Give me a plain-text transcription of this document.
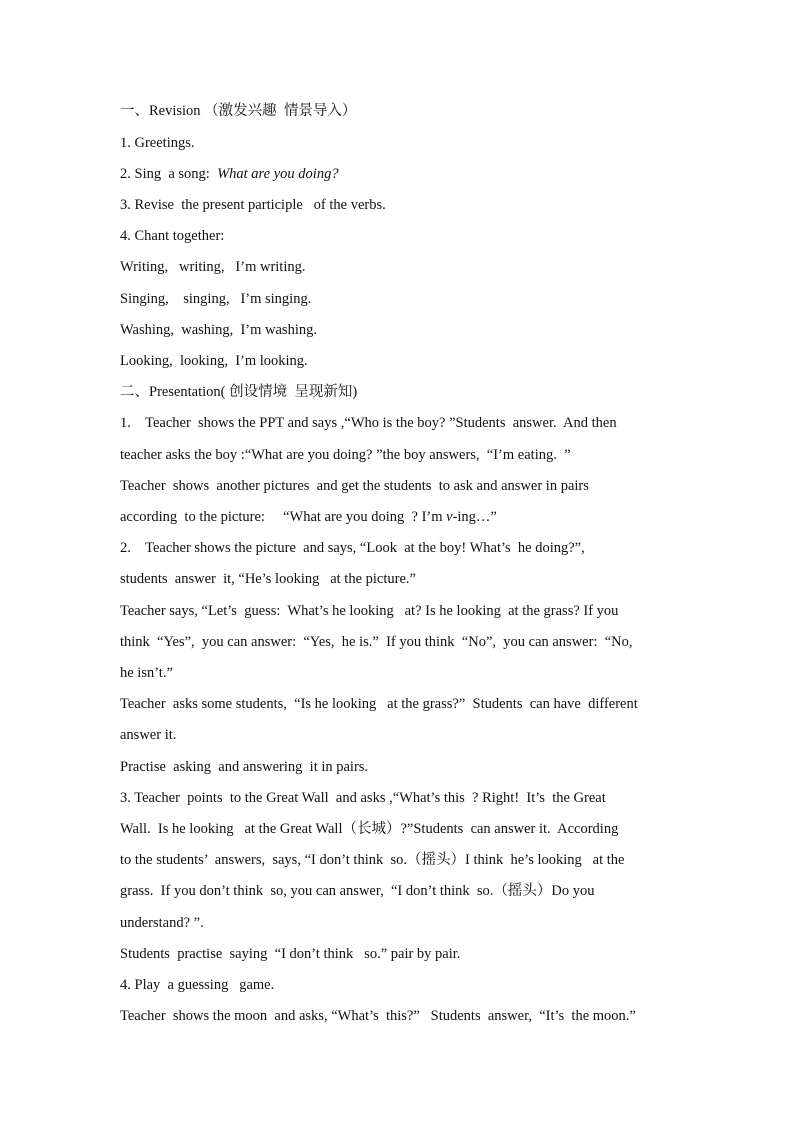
一、Revision （激发兴趣  情景导入）
1. Greetings.
2. Sing  a song:  What are you doing?
3. Revise  the present participle   of the verbs.
4. Chant together:
Writing,   writing,   I’m writing.
Singing,    singing,   I’m singing.
Washing,  washing,  I’m washing.
Looking,  looking,  I’m looking.
二、Presentation( 创设情境  呈现新知)
1.    Teacher  shows the PPT and says ,“Who is the boy? ”Students  answer.  And then
teacher asks the boy :“What are you doing? ”the boy answers,  “I’m eating.  ”
Teacher  shows  another pictures  and get the students  to ask and answer in pairs
according  to the picture:     “What are you doing  ? I’m v-ing…”
2.    Teacher shows the picture  and says, “Look  at the boy! What’s  he doing?”,
students  answer  it, “He’s looking   at the picture.”
Teacher says, “Let’s  guess:  What’s he looking   at? Is he looking  at the grass? If you
think  “Yes”,  you can answer:  “Yes,  he is.”  If you think  “No”,  you can answer:  “No,
he isn’t.”
Teacher  asks some students,  “Is he looking   at the grass?”  Students  can have  different
answer it.
Practise  asking  and answering  it in pairs.
3. Teacher  points  to the Great Wall  and asks ,“What’s this  ? Right!  It’s  the Great
Wall.  Is he looking   at the Great Wall（长城）?”Students  can answer it.  According
to the students’  answers,  says, “I don’t think  so.（摇头）I think  he’s looking   at the
grass.  If you don’t think  so, you can answer,  “I don’t think  so.（摇头）Do you
understand? ”.
Students  practise  saying  “I don’t think   so.” pair by pair.
4. Play  a guessing   game.
Teacher  shows the moon  and asks, “What’s  this?”   Students  answer,  “It’s  the moon.”
